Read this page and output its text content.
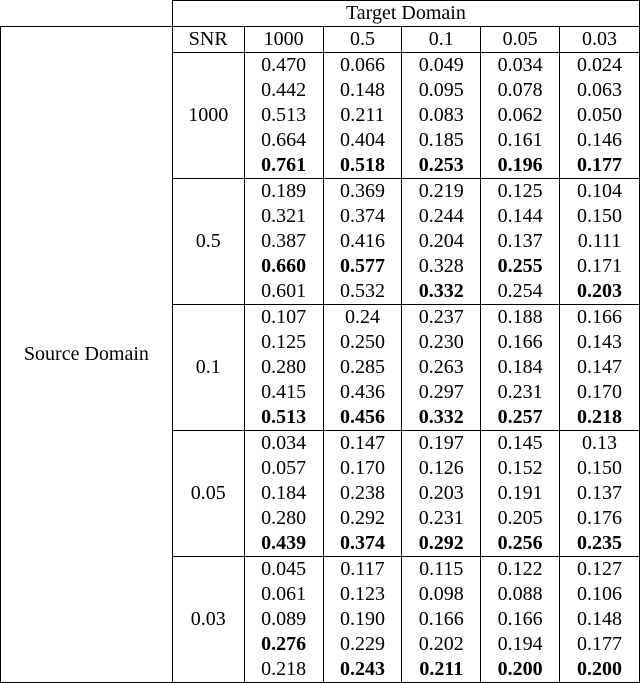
	Target Domain					
Source Domain	SNR	1000	0.5	0.1	0.05	0.03
	1000	0.470	0.066	0.049	0.034	0.024
		0.442	0.148	0.095	0.078	0.063
		0.513	0.211	0.083	0.062	0.050
		0.664	0.404	0.185	0.161	0.146
		0.761	0.518	0.253	0.196	0.177
	0.5	0.189	0.369	0.219	0.125	0.104
		0.321	0.374	0.244	0.144	0.150
		0.387	0.416	0.204	0.137	0.111
		0.660	0.577	0.328	0.255	0.171
		0.601	0.532	0.332	0.254	0.203
	0.1	0.107	0.24	0.237	0.188	0.166
		0.125	0.250	0.230	0.166	0.143
		0.280	0.285	0.263	0.184	0.147
		0.415	0.436	0.297	0.231	0.170
		0.513	0.456	0.332	0.257	0.218
	0.05	0.034	0.147	0.197	0.145	0.13
		0.057	0.170	0.126	0.152	0.150
		0.184	0.238	0.203	0.191	0.137
		0.280	0.292	0.231	0.205	0.176
		0.439	0.374	0.292	0.256	0.235
	0.03	0.045	0.117	0.115	0.122	0.127
		0.061	0.123	0.098	0.088	0.106
		0.089	0.190	0.166	0.166	0.148
		0.276	0.229	0.202	0.194	0.177
		0.218	0.243	0.211	0.200	0.200
